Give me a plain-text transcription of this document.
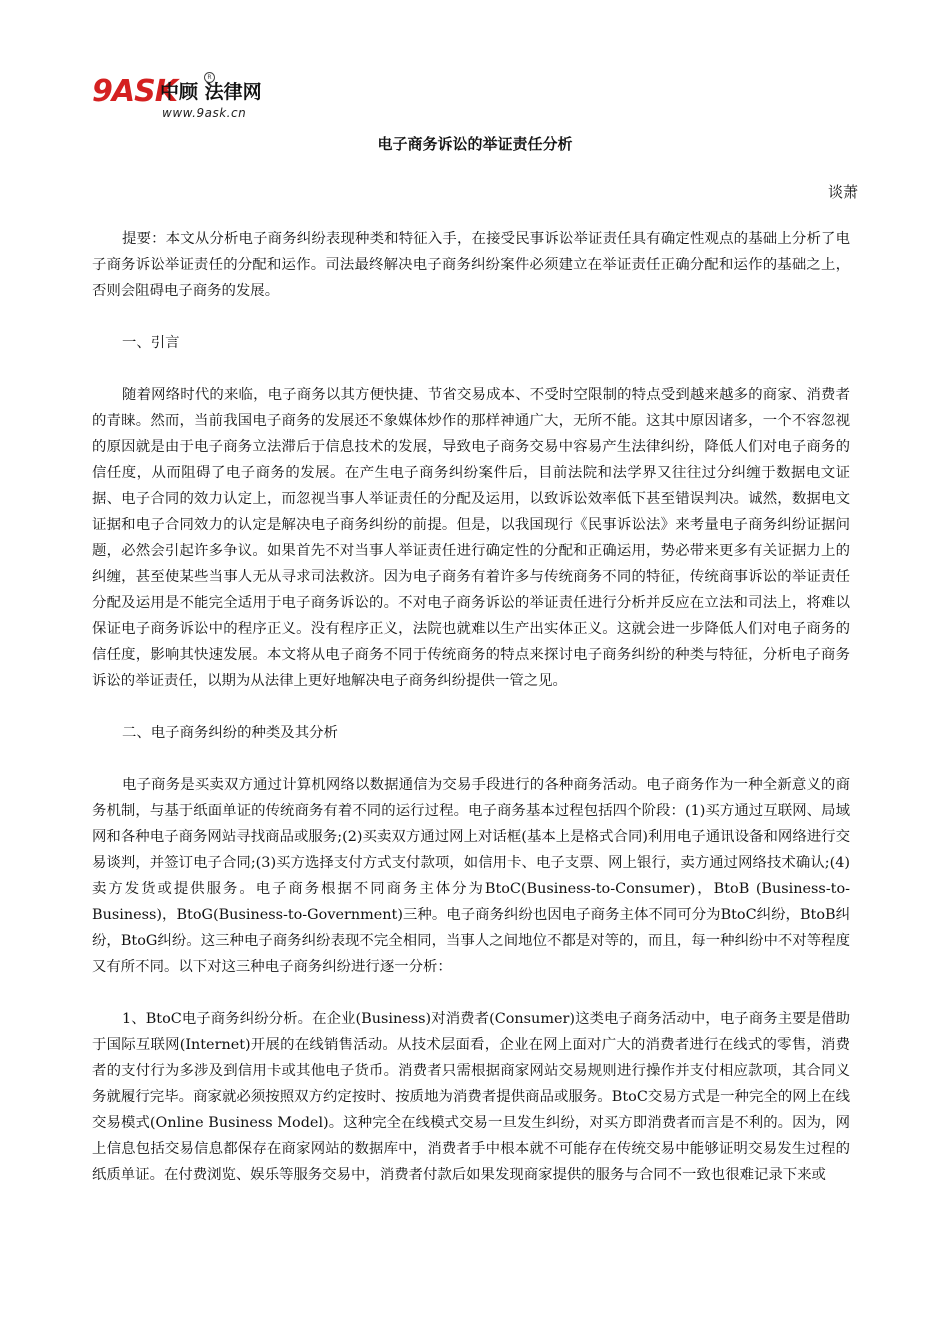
9ASK
中顾 法律网
R
www.9ask.cn
电子商务诉讼的举证责任分析
谈萧

提要：本文从分析电子商务纠纷表现种类和特征入手，在接受民事诉讼举证责任具有确定性观点的基础上分析了电子商务诉讼举证责任的分配和运作。司法最终解决电子商务纠纷案件必须建立在举证责任正确分配和运作的基础之上，否则会阻碍电子商务的发展。

一、引言

随着网络时代的来临，电子商务以其方便快捷、节省交易成本、不受时空限制的特点受到越来越多的商家、消费者的青睐。然而，当前我国电子商务的发展还不象媒体炒作的那样神通广大，无所不能。这其中原因诸多，一个不容忽视的原因就是由于电子商务立法滞后于信息技术的发展，导致电子商务交易中容易产生法律纠纷，降低人们对电子商务的信任度，从而阻碍了电子商务的发展。在产生电子商务纠纷案件后，目前法院和法学界又往往过分纠缠于数据电文证据、电子合同的效力认定上，而忽视当事人举证责任的分配及运用，以致诉讼效率低下甚至错误判决。诚然，数据电文证据和电子合同效力的认定是解决电子商务纠纷的前提。但是，以我国现行《民事诉讼法》来考量电子商务纠纷证据问题，必然会引起许多争议。如果首先不对当事人举证责任进行确定性的分配和正确运用，势必带来更多有关证据力上的纠缠，甚至使某些当事人无从寻求司法救济。因为电子商务有着许多与传统商务不同的特征，传统商事诉讼的举证责任分配及运用是不能完全适用于电子商务诉讼的。不对电子商务诉讼的举证责任进行分析并反应在立法和司法上，将难以保证电子商务诉讼中的程序正义。没有程序正义，法院也就难以生产出实体正义。这就会进一步降低人们对电子商务的信任度，影响其快速发展。本文将从电子商务不同于传统商务的特点来探讨电子商务纠纷的种类与特征，分析电子商务诉讼的举证责任，以期为从法律上更好地解决电子商务纠纷提供一管之见。

二、电子商务纠纷的种类及其分析

电子商务是买卖双方通过计算机网络以数据通信为交易手段进行的各种商务活动。电子商务作为一种全新意义的商务机制，与基于纸面单证的传统商务有着不同的运行过程。电子商务基本过程包括四个阶段：(1)买方通过互联网、局域网和各种电子商务网站寻找商品或服务;(2)买卖双方通过网上对话框(基本上是格式合同)利用电子通讯设备和网络进行交易谈判，并签订电子合同;(3)买方选择支付方式支付款项，如信用卡、电子支票、网上银行，卖方通过网络技术确认;(4)卖方发货或提供服务。电子商务根据不同商务主体分为BtoC(Business-to-Consumer)，BtoB (Business-to-Business)，BtoG(Business-to-Government)三种。电子商务纠纷也因电子商务主体不同可分为BtoC纠纷，BtoB纠纷，BtoG纠纷。这三种电子商务纠纷表现不完全相同，当事人之间地位不都是对等的，而且，每一种纠纷中不对等程度又有所不同。以下对这三种电子商务纠纷进行逐一分析：

1、BtoC电子商务纠纷分析。在企业(Business)对消费者(Consumer)这类电子商务活动中，电子商务主要是借助于国际互联网(Internet)开展的在线销售活动。从技术层面看，企业在网上面对广大的消费者进行在线式的零售，消费者的支付行为多涉及到信用卡或其他电子货币。消费者只需根据商家网站交易规则进行操作并支付相应款项，其合同义务就履行完毕。商家就必须按照双方约定按时、按质地为消费者提供商品或服务。BtoC交易方式是一种完全的网上在线交易模式(Online Business Model)。这种完全在线模式交易一旦发生纠纷，对买方即消费者而言是不利的。因为，网上信息包括交易信息都保存在商家网站的数据库中，消费者手中根本就不可能存在传统交易中能够证明交易发生过程的纸质单证。在付费浏览、娱乐等服务交易中，消费者付款后如果发现商家提供的服务与合同不一致也很难记录下来或
